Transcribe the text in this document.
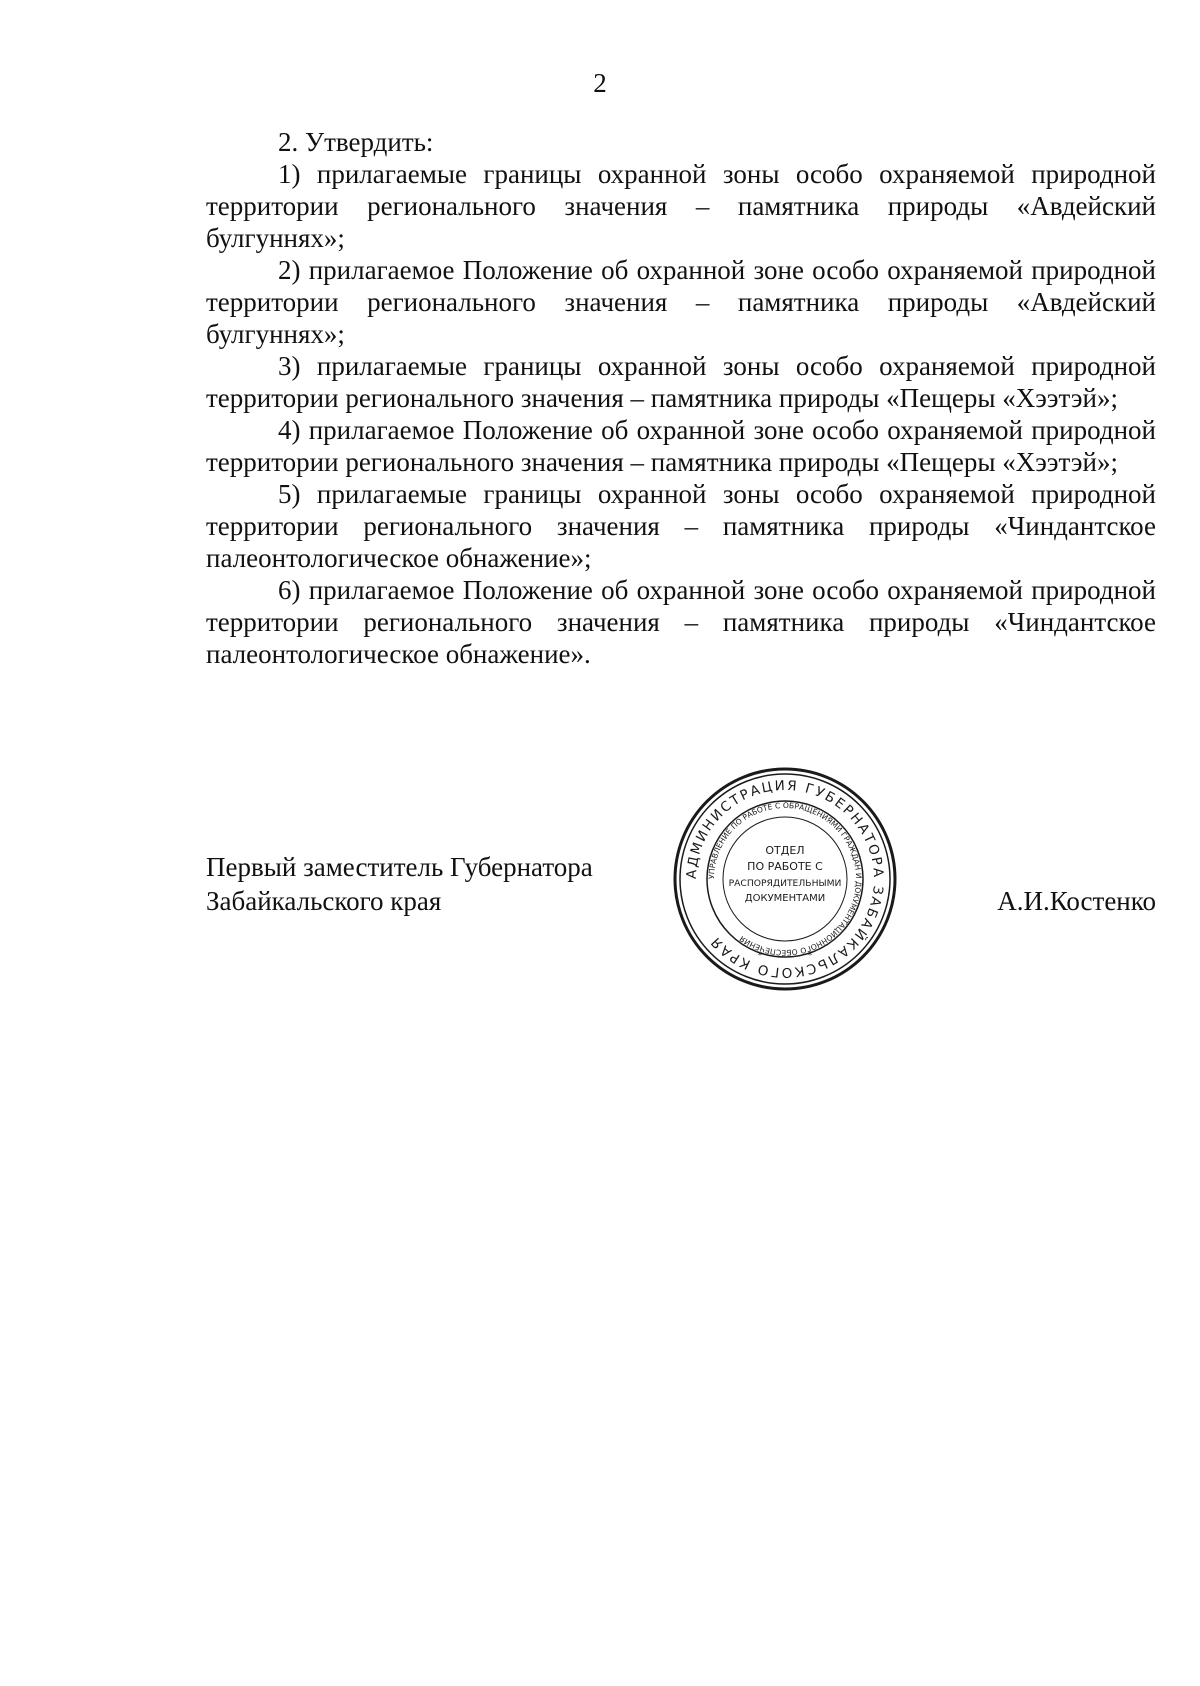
2

2. Утвердить:

1) прилагаемые границы охранной зоны особо охраняемой природной территории регионального значения – памятника природы «Авдейский булгуннях»;

2) прилагаемое Положение об охранной зоне особо охраняемой природной территории регионального значения – памятника природы «Авдейский булгуннях»;

3) прилагаемые границы охранной зоны особо охраняемой природной территории регионального значения – памятника природы «Пещеры «Хээтэй»;

4) прилагаемое Положение об охранной зоне особо охраняемой природной территории регионального значения – памятника природы «Пещеры «Хээтэй»;

5) прилагаемые границы охранной зоны особо охраняемой природной территории регионального значения – памятника природы «Чиндантское палеонтологическое обнажение»;

6) прилагаемое Положение об охранной зоне особо охраняемой природной территории регионального значения – памятника природы «Чиндантское палеонтологическое обнажение».

Первый заместитель Губернатора
Забайкальского края	А.И.Костенко
АДМИНИСТРАЦИЯ ГУБЕРНАТОРА ЗАБАЙКАЛЬСКОГО КРАЯ
УПРАВЛЕНИЕ ПО РАБОТЕ С ОБРАЩЕНИЯМИ ГРАЖДАН И ДОКУМЕНТАЦИОННОГО ОБЕСПЕЧЕНИЯ
ОТДЕЛ
ПО РАБОТЕ С
РАСПОРЯДИТЕЛЬНЫМИ
ДОКУМЕНТАМИ
*	*
